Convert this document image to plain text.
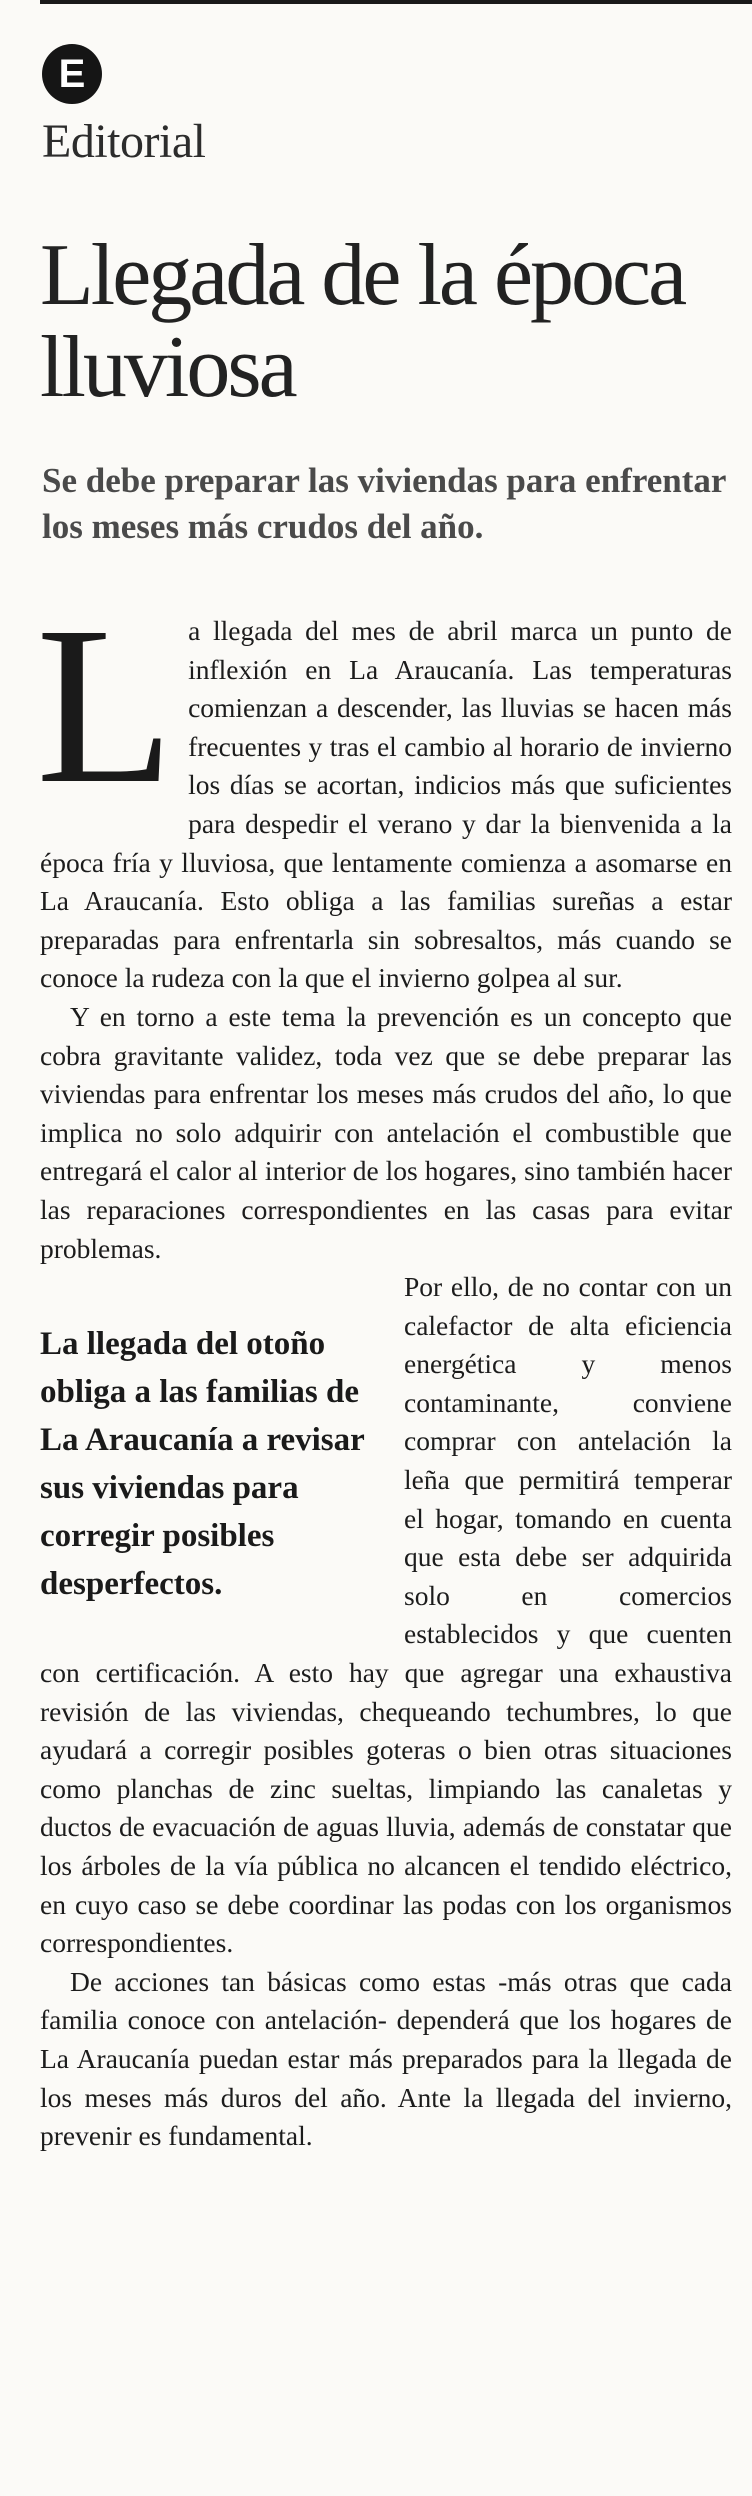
E
Editorial
Llegada de la época lluviosa

Se debe preparar las viviendas para enfrentar los meses más crudos del año.

La llegada del mes de abril marca un punto de inflexión en La Araucanía. Las temperaturas comienzan a descender, las lluvias se hacen más frecuentes y tras el cambio al horario de invierno los días se acortan, indicios más que suficientes para despedir el verano y dar la bienvenida a la época fría y lluviosa, que lentamente comienza a asomarse en La Araucanía. Esto obliga a las familias sureñas a estar preparadas para enfrentarla sin sobresaltos, más cuando se conoce la rudeza con la que el invierno golpea al sur.

Y en torno a este tema la prevención es un concepto que cobra gravitante validez, toda vez que se debe preparar las viviendas para enfrentar los meses más crudos del año, lo que implica no solo adquirir con antelación el combustible que entregará el calor al interior de los hogares, sino también hacer las reparaciones correspondientes en las casas para evitar problemas.

La llegada del otoño obliga a las familias de La Araucanía a revisar sus viviendas para corregir posibles desperfectos.

Por ello, de no contar con un calefactor de alta eficiencia energética y menos contaminante, conviene comprar con antelación la leña que permitirá temperar el hogar, tomando en cuenta que esta debe ser adquirida solo en comercios establecidos y que cuenten con certificación. A esto hay que agregar una exhaustiva revisión de las viviendas, chequeando techumbres, lo que ayudará a corregir posibles goteras o bien otras situaciones como planchas de zinc sueltas, limpiando las canaletas y ductos de evacuación de aguas lluvia, además de constatar que los árboles de la vía pública no alcancen el tendido eléctrico, en cuyo caso se debe coordinar las podas con los organismos correspondientes.

De acciones tan básicas como estas -más otras que cada familia conoce con antelación- dependerá que los hogares de La Araucanía puedan estar más preparados para la llegada de los meses más duros del año. Ante la llegada del invierno, prevenir es fundamental.
